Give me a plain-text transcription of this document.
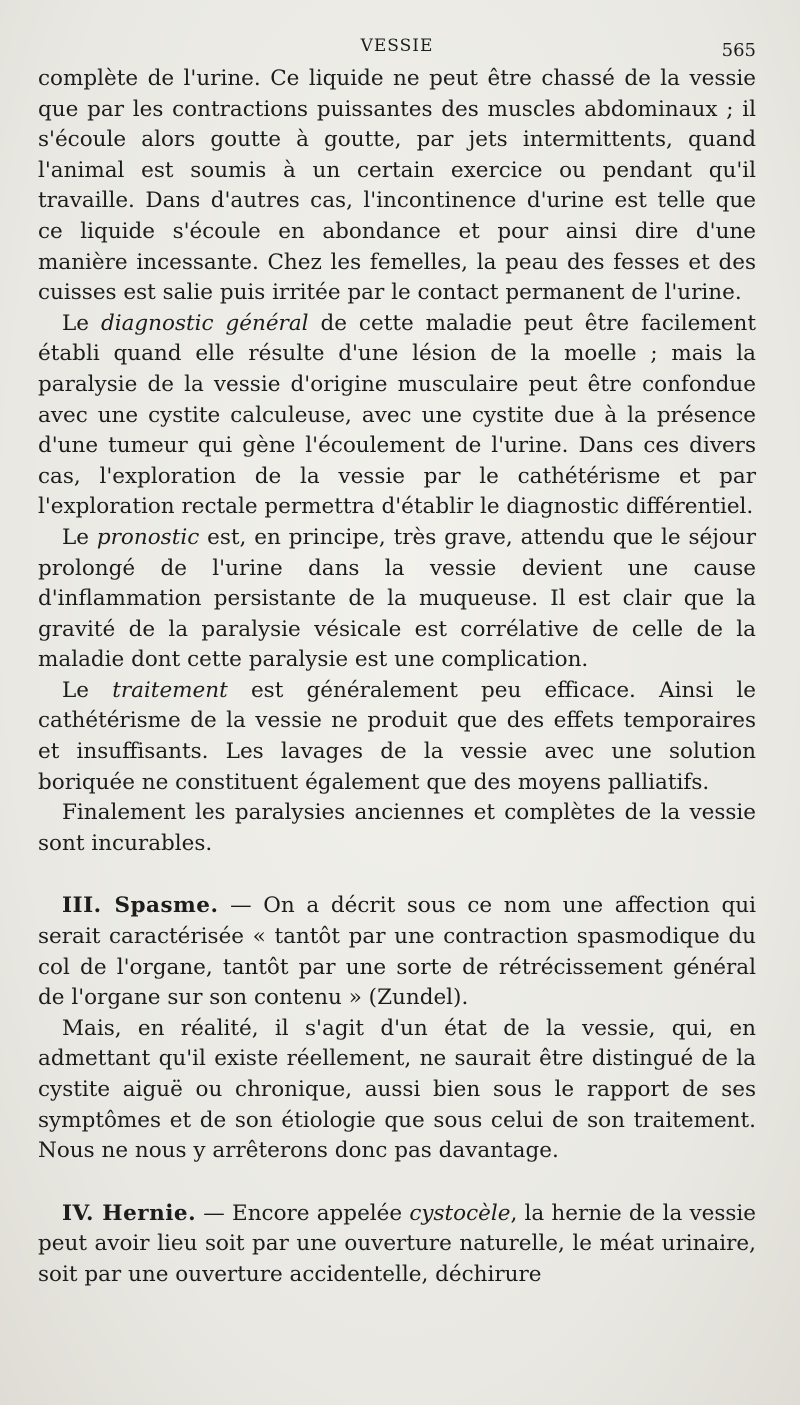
VESSIE	565

complète de l'urine. Ce liquide ne peut être chassé de la vessie que par les contractions puissantes des muscles abdominaux ; il s'écoule alors goutte à goutte, par jets intermittents, quand l'animal est soumis à un certain exercice ou pendant qu'il travaille. Dans d'autres cas, l'incontinence d'urine est telle que ce liquide s'écoule en abondance et pour ainsi dire d'une manière incessante. Chez les femelles, la peau des fesses et des cuisses est salie puis irritée par le contact permanent de l'urine.

Le diagnostic général de cette maladie peut être facilement établi quand elle résulte d'une lésion de la moelle ; mais la paralysie de la vessie d'origine musculaire peut être confondue avec une cystite calculeuse, avec une cystite due à la présence d'une tumeur qui gène l'écoulement de l'urine. Dans ces divers cas, l'exploration de la vessie par le cathétérisme et par l'exploration rectale permettra d'établir le diagnostic différentiel.

Le pronostic est, en principe, très grave, attendu que le séjour prolongé de l'urine dans la vessie devient une cause d'inflammation persistante de la muqueuse. Il est clair que la gravité de la paralysie vésicale est corrélative de celle de la maladie dont cette paralysie est une complication.

Le traitement est généralement peu efficace. Ainsi le cathétérisme de la vessie ne produit que des effets temporaires et insuffisants. Les lavages de la vessie avec une solution boriquée ne constituent également que des moyens palliatifs.

Finalement les paralysies anciennes et complètes de la vessie sont incurables.

III. Spasme. — On a décrit sous ce nom une affection qui serait caractérisée « tantôt par une contraction spasmodique du col de l'organe, tantôt par une sorte de rétrécissement général de l'organe sur son contenu » (Zundel).

Mais, en réalité, il s'agit d'un état de la vessie, qui, en admettant qu'il existe réellement, ne saurait être distingué de la cystite aiguë ou chronique, aussi bien sous le rapport de ses symptômes et de son étiologie que sous celui de son traitement. Nous ne nous y arrêterons donc pas davantage.

IV. Hernie. — Encore appelée cystocèle, la hernie de la vessie peut avoir lieu soit par une ouverture naturelle, le méat urinaire, soit par une ouverture accidentelle, déchirure
